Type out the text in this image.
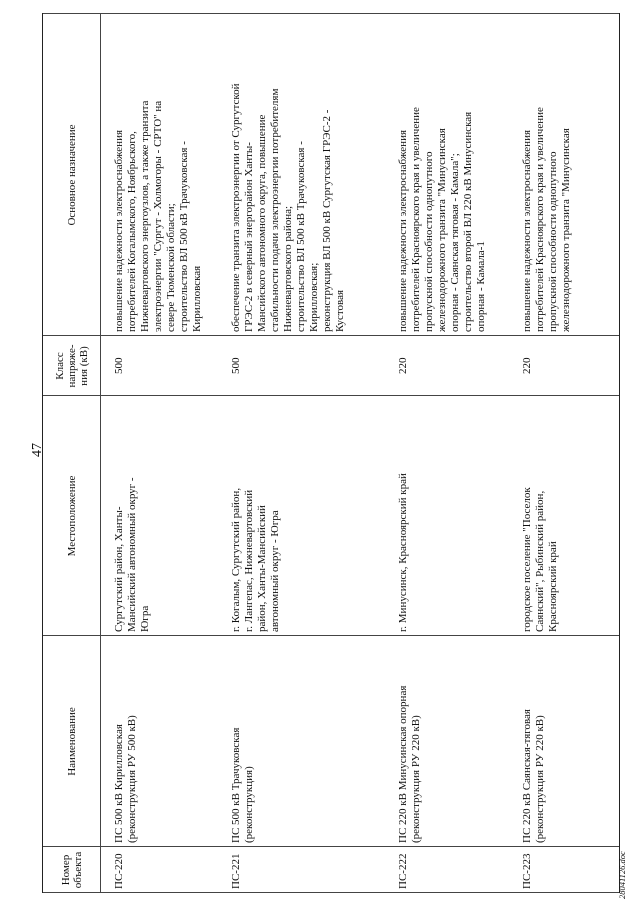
47
Номер
объекта
Наименование
Местоположение
Класс
напряже-
ния (кВ)
Основное назначение
ПС-220
ПС 500 кВ Кирилловская (реконструкция РУ 500 кВ)
Сургутский район, Ханты- Мансийский автономный округ - Югра
500
повышение надежности электроснабжения потребителей Когалымского, Ноябрьского, Нижневартовского энергоузлов, а также транзита электроэнергии "Сургут - Холмогоры - СРТО" на севере Тюменской области; строительство ВЛ 500 кВ Трачуковская - Кирилловская
ПС-221
ПС 500 кВ Трачуковская (реконструкция)
г. Когалым, Сургутский район, г. Лангепас, Нижневартовский район, Ханты-Мансийский автономный округ - Югра
500
обеспечение транзита электроэнергии от Сургутской ГРЭС-2 в северный энергорайон Ханты- Мансийского автономного округа, повышение стабильности подачи электроэнергии потребителям Нижневартовского района; строительство ВЛ 500 кВ Трачуковская - Кирилловская; реконструкция ВЛ 500 кВ Сургутская ГРЭС-2 - Кустовая
ПС-222
ПС 220 кВ Минусинская опорная (реконструкция РУ 220 кВ)
г. Минусинск, Красноярский край
220
повышение надежности электроснабжения потребителей Красноярского края и увеличение пропускной способности однопутного железнодорожного транзита "Минусинская опорная - Саянская тяговая - Камала"; строительство второй ВЛ 220 кВ Минусинская опорная - Камала-1
ПС-223
ПС 220 кВ Саянская-тяговая (реконструкция РУ 220 кВ)
городское поселение "Поселок Саянский", Рыбинский район, Красноярский край
220
повышение надежности электроснабжения потребителей Красноярского края и увеличение пропускной способности однопутного железнодорожного транзита "Минусинская
28041126.doc
